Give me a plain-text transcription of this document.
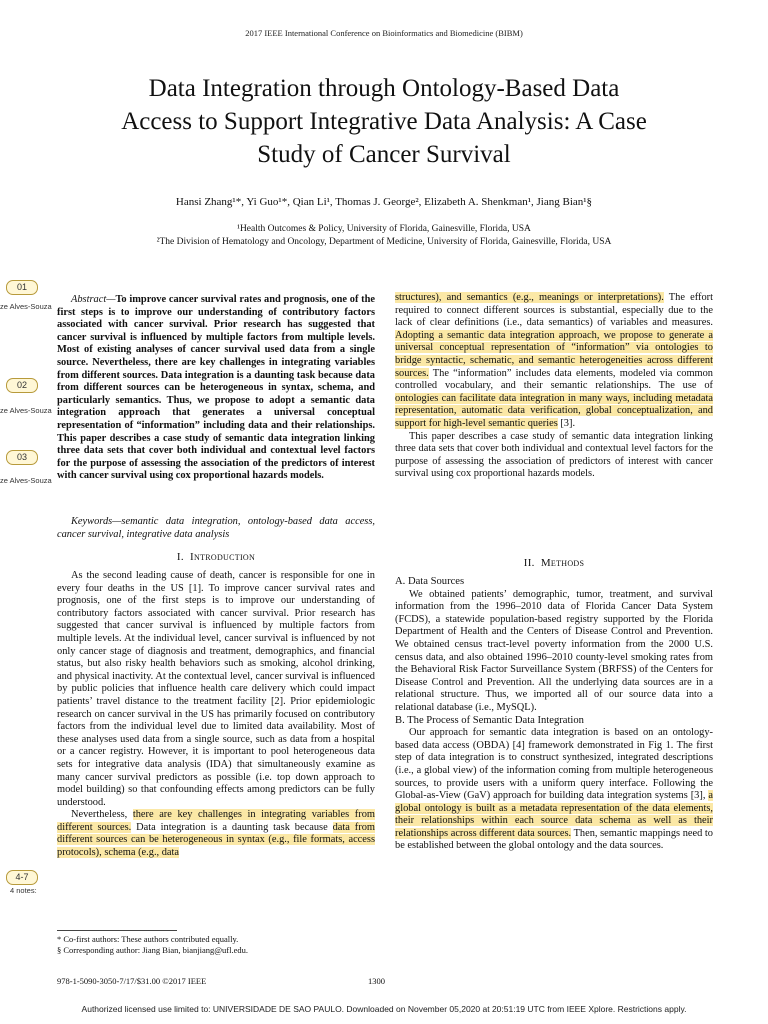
2017 IEEE International Conference on Bioinformatics and Biomedicine (BIBM)
Data Integration through Ontology-Based Data
Access to Support Integrative Data Analysis: A Case
Study of Cancer Survival
Hansi Zhang¹*, Yi Guo¹*, Qian Li¹, Thomas J. George², Elizabeth A. Shenkman¹, Jiang Bian¹§
¹Health Outcomes & Policy, University of Florida, Gainesville, Florida, USA
²The Division of Hematology and Oncology, Department of Medicine, University of Florida, Gainesville, Florida, USA
01
ze Alves-Souza
02
ze Alves-Souza
03
ze Alves-Souza
4-7
4 notes:

Abstract—To improve cancer survival rates and prognosis, one of the first steps is to improve our understanding of contributory factors associated with cancer survival. Prior research has suggested that cancer survival is influenced by multiple factors from multiple levels. Most of existing analyses of cancer survival used data from a single source. Nevertheless, there are key challenges in integrating variables from different sources. Data integration is a daunting task because data from different sources can be heterogeneous in syntax, schema, and particularly semantics. Thus, we propose to adopt a semantic data integration approach that generates a universal conceptual representation of “information” including data and their relationships. This paper describes a case study of semantic data integration linking three data sets that cover both individual and contextual level factors for the purpose of assessing the association of the predictors of interest with cancer survival using cox proportional hazards models.

Keywords—semantic data integration, ontology-based data access, cancer survival, integrative data analysis

I. Introduction

As the second leading cause of death, cancer is responsible for one in every four deaths in the US [1]. To improve cancer survival rates and prognosis, one of the first steps is to improve our understanding of contributory factors associated with cancer survival. Prior research has suggested that cancer survival is influenced by multiple factors from multiple levels. At the individual level, cancer survival is influenced by not only cancer stage of diagnosis and treatment, demographics, and financial status, but also risky health behaviors such as smoking, alcohol drinking, and physical inactivity. At the contextual level, cancer survival is influenced by public policies that influence health care delivery which could impact patients’ travel distance to the treatment facility [2]. Prior epidemiologic research on cancer survival in the US has primarily focused on contributory factors from the individual level due to limited data availability. Most of these analyses used data from a single source, such as data from a hospital or a cancer registry. However, it is important to pool heterogeneous data sets for integrative data analysis (IDA) that simultaneously examine as many cancer survival predictors as possible (i.e. top down approach to model building) so that confounding effects among predictors can be fully understood.

Nevertheless, there are key challenges in integrating variables from different sources. Data integration is a daunting task because data from different sources can be heterogeneous in syntax (e.g., file formats, access protocols), schema (e.g., data

* Co-first authors: These authors contributed equally.
§ Corresponding author: Jiang Bian, bianjiang@ufl.edu.

structures), and semantics (e.g., meanings or interpretations). The effort required to connect different sources is substantial, especially due to the lack of clear definitions (i.e., data semantics) of variables and measures. Adopting a semantic data integration approach, we propose to generate a universal conceptual representation of “information” via ontologies to bridge syntactic, schematic, and semantic heterogeneities across different sources. The “information” includes data elements, modeled via common controlled vocabulary, and their semantic relationships. The use of ontologies can facilitate data integration in many ways, including metadata representation, automatic data verification, global conceptualization, and support for high-level semantic queries [3].

This paper describes a case study of semantic data integration linking three data sets that cover both individual and contextual level factors for the purpose of assessing the association of predictors of interest with cancer survival using cox proportional hazards models.

II. Methods

A. Data Sources

We obtained patients’ demographic, tumor, treatment, and survival information from the 1996–2010 data of Florida Cancer Data System (FCDS), a statewide population-based registry supported by the Florida Department of Health and the Centers of Disease Control and Prevention. We obtained census tract-level poverty information from the 2000 U.S. census data, and also obtained 1996–2010 county-level smoking rates from the Behavioral Risk Factor Surveillance System (BRFSS) of the Centers for Disease Control and Prevention. All the underlying data sources are in a relational structure. Thus, we imported all of our source data into a relational database (i.e., MySQL).

B. The Process of Semantic Data Integration

Our approach for semantic data integration is based on an ontology-based data access (OBDA) [4] framework demonstrated in Fig 1. The first step of data integration is to construct synthesized, integrated descriptions (i.e., a global view) of the information coming from multiple heterogeneous sources, to provide users with a uniform query interface. Following the Global-as-View (GaV) approach for building data integration systems [3], a global ontology is built as a metadata representation of the data elements, their relationships within each source data schema as well as their relationships across different data sources. Then, semantic mappings need to be established between the global ontology and the data sources.

978-1-5090-3050-7/17/$31.00 ©2017 IEEE	1300
Authorized licensed use limited to: UNIVERSIDADE DE SAO PAULO. Downloaded on November 05,2020 at 20:51:19 UTC from IEEE Xplore. Restrictions apply.
